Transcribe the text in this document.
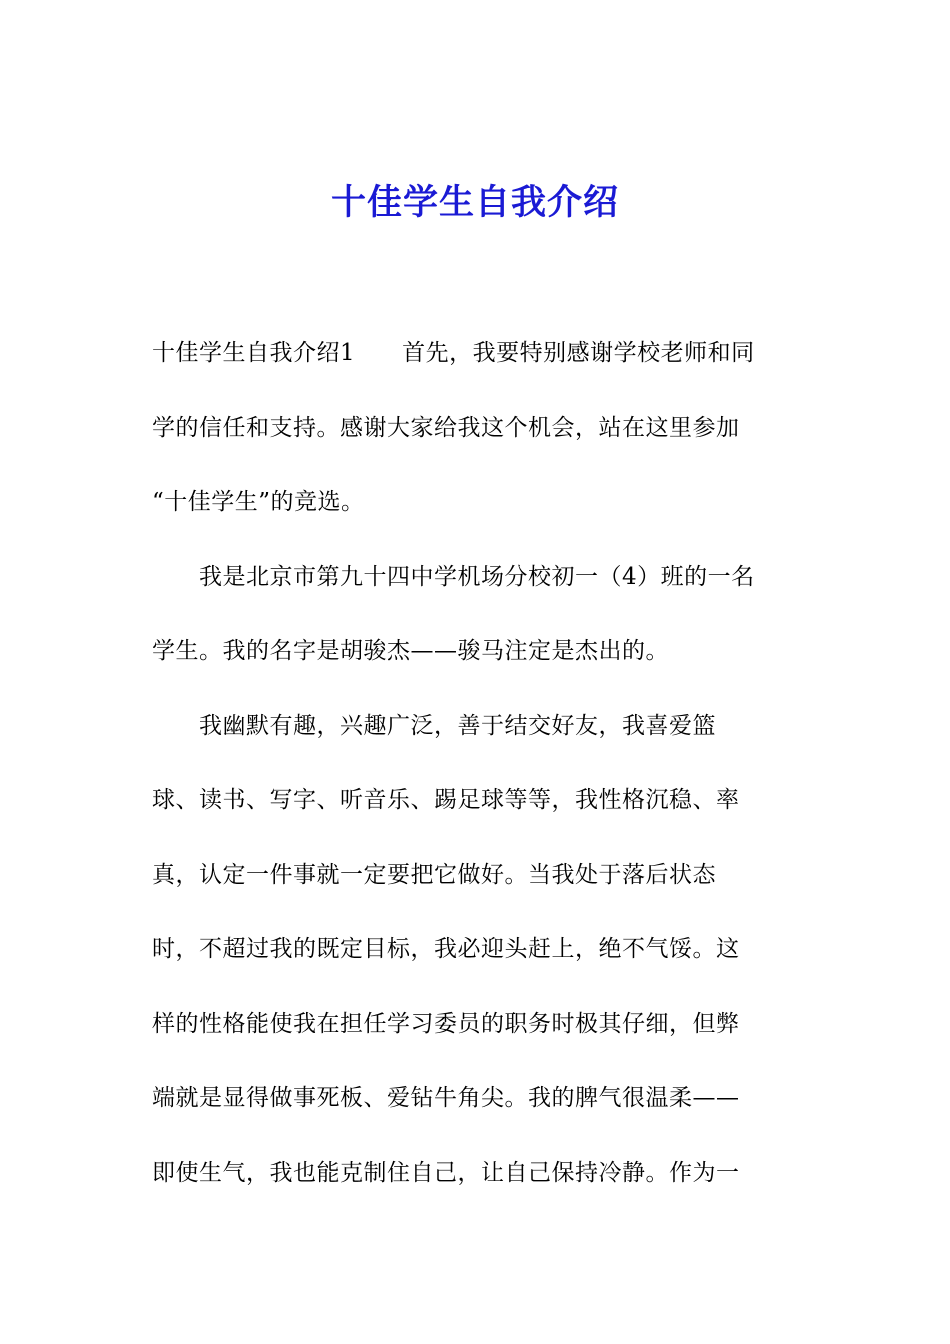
十佳学生自我介绍
十佳学生自我介绍1　　首先，我要特别感谢学校老师和同
学的信任和支持。感谢大家给我这个机会，站在这里参加
“十佳学生”的竞选。
　　我是北京市第九十四中学机场分校初一（4）班的一名
学生。我的名字是胡骏杰——骏马注定是杰出的。
　　我幽默有趣，兴趣广泛，善于结交好友，我喜爱篮
球、读书、写字、听音乐、踢足球等等，我性格沉稳、率
真，认定一件事就一定要把它做好。当我处于落后状态
时，不超过我的既定目标，我必迎头赶上，绝不气馁。这
样的性格能使我在担任学习委员的职务时极其仔细，但弊
端就是显得做事死板、爱钻牛角尖。我的脾气很温柔——
即使生气，我也能克制住自己，让自己保持冷静。作为一
